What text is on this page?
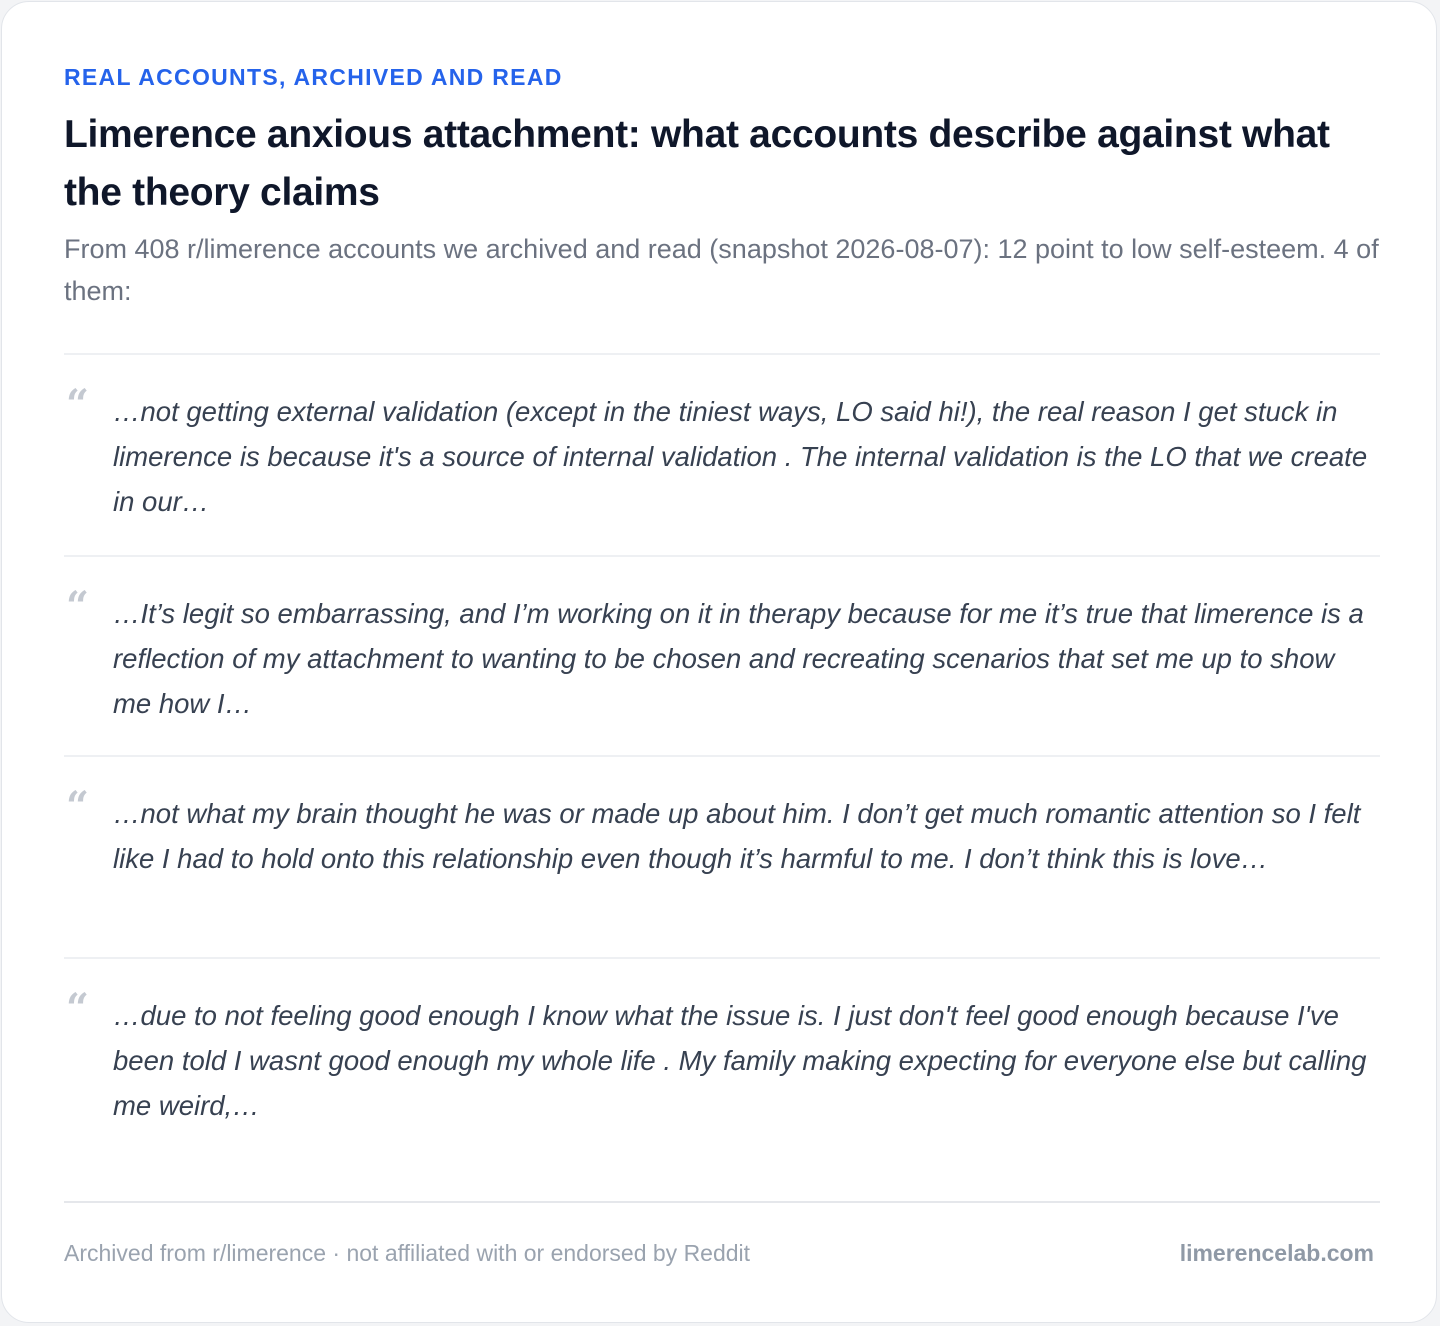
REAL ACCOUNTS, ARCHIVED AND READ

Limerence anxious attachment: what accounts describe against what the theory claims

From 408 r/limerence accounts we archived and read (snapshot 2026-08-07): 12 point to low self-esteem. 4 of them:

“ …not getting external validation (except in the tiniest ways, LO said hi!), the real reason I get stuck in limerence is because it's a source of internal validation . The internal validation is the LO that we create in our…

“ …It’s legit so embarrassing, and I’m working on it in therapy because for me it’s true that limerence is a reflection of my attachment to wanting to be chosen and recreating scenarios that set me up to show me how I…

“ …not what my brain thought he was or made up about him. I don’t get much romantic attention so I felt like I had to hold onto this relationship even though it’s harmful to me. I don’t think this is love…

“ …due to not feeling good enough I know what the issue is. I just don't feel good enough because I've been told I wasnt good enough my whole life . My family making expecting for everyone else but calling me weird,…

Archived from r/limerence · not affiliated with or endorsed by Reddit	limerencelab.com
